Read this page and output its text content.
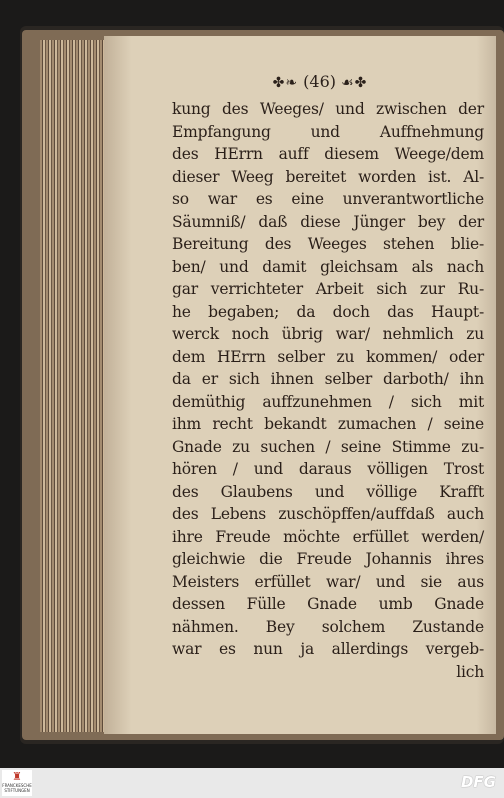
✤❧ (46) ☙✤
kung des Weeges/ und zwischen der
Empfangung und Auffnehmung
des HErrn auff diesem Weege/dem
dieser Weeg bereitet worden ist. Al-
so war es eine unverantwortliche
Säumniß/ daß diese Jünger bey der
Bereitung des Weeges stehen blie-
ben/ und damit gleichsam als nach
gar verrichteter Arbeit sich zur Ru-
he begaben; da doch das Haupt-
werck noch übrig war/ nehmlich zu
dem HErrn selber zu kommen/ oder
da er sich ihnen selber darboth/ ihn
demüthig auffzunehmen / sich mit
ihm recht bekandt zumachen / seine
Gnade zu suchen / seine Stimme zu-
hören / und daraus völligen Trost
des Glaubens und völlige Krafft
des Lebens zuschöpffen/auffdaß auch
ihre Freude möchte erfüllet werden/
gleichwie die Freude Johannis ihres
Meisters erfüllet war/ und sie aus
dessen Fülle Gnade umb Gnade
nähmen. Bey solchem Zustande
war es nun ja allerdings vergeb-
lich
♜
FRANCKESCHE STIFTUNGEN	DFG
